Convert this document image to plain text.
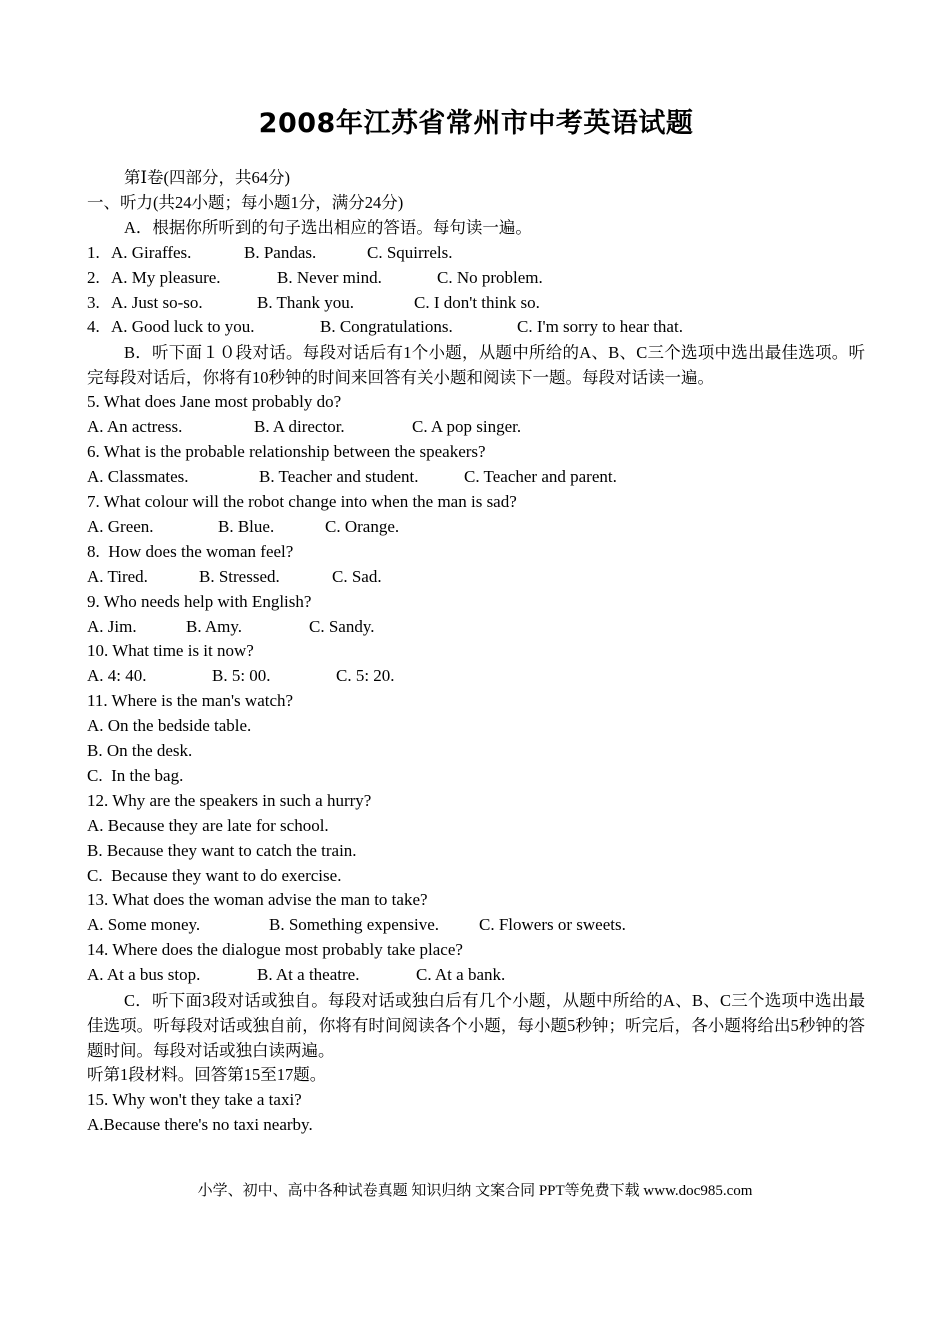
2008年江苏省常州市中考英语试题
第Ⅰ卷(四部分，共64分)
一、听力(共24小题；每小题1分，满分24分)
A．根据你所听到的句子选出相应的答语。每句读一遍。
1. A. Giraffes.	B. Pandas.	C. Squirrels.
2. A. My pleasure.	B. Never mind.	C. No problem.
3. A. Just so-so.	B. Thank you.	C. I don't think so.
4. A. Good luck to you.	B. Congratulations.	C. I'm sorry to hear that.
B．听下面１０段对话。每段对话后有1个小题，从题中所给的A、B、C三个选项中选出最佳选项。听完每段对话后，你将有10秒钟的时间来回答有关小题和阅读下一题。每段对话读一遍。
5. What does Jane most probably do?
A. An actress.	B. A director.	C. A pop singer.
6. What is the probable relationship between the speakers?
A. Classmates.	B. Teacher and student.	C. Teacher and parent.
7. What colour will the robot change into when the man is sad?
A. Green.	B. Blue.	C. Orange.
8.  How does the woman feel?
A. Tired.	B. Stressed.	C. Sad.
9. Who needs help with English?
A. Jim.	B. Amy.	C. Sandy.
10. What time is it now?
A. 4: 40.	B. 5: 00.	C. 5: 20.
11. Where is the man's watch?
A. On the bedside table.
B. On the desk.
C.  In the bag.
12. Why are the speakers in such a hurry?
A. Because they are late for school.
B. Because they want to catch the train.
C.  Because they want to do exercise.
13. What does the woman advise the man to take?
A. Some money.	B. Something expensive. C. Flowers or sweets.
14. Where does the dialogue most probably take place?
A. At a bus stop.	B. At a theatre.	C. At a bank.
C．听下面3段对话或独自。每段对话或独白后有几个小题，从题中所给的A、B、C三个选项中选出最佳选项。听每段对话或独自前，你将有时间阅读各个小题，每小题5秒钟；听完后，各小题将给出5秒钟的答题时间。每段对话或独白读两遍。
听第1段材料。回答第15至17题。
15. Why won't they take a taxi?
A.Because there's no taxi nearby.
小学、初中、高中各种试卷真题 知识归纳 文案合同 PPT等免费下载 www.doc985.com
